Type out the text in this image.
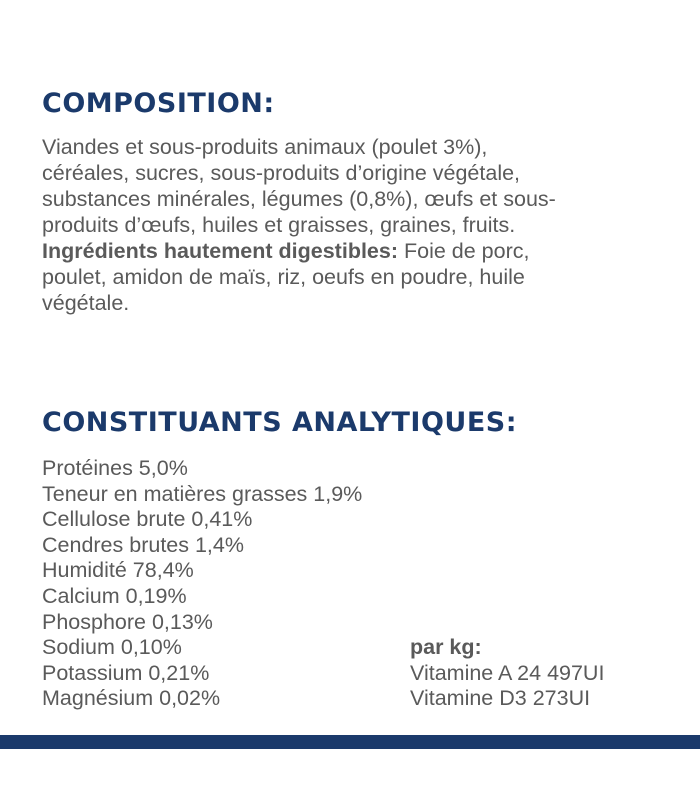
COMPOSITION:
Viandes et sous-produits animaux (poulet 3%),
céréales, sucres, sous-produits d’origine végétale,
substances minérales, légumes (0,8%), œufs et sous-
produits d’œufs, huiles et graisses, graines, fruits.
Ingrédients hautement digestibles: Foie de porc,
poulet, amidon de maïs, riz, oeufs en poudre, huile
végétale.
CONSTITUANTS ANALYTIQUES:
Protéines 5,0%
Teneur en matières grasses 1,9%
Cellulose brute 0,41%
Cendres brutes 1,4%
Humidité 78,4%
Calcium 0,19%
Phosphore 0,13%
Sodium 0,10%
Potassium 0,21%
Magnésium 0,02%
par kg:
Vitamine A 24 497UI
Vitamine D3 273UI
